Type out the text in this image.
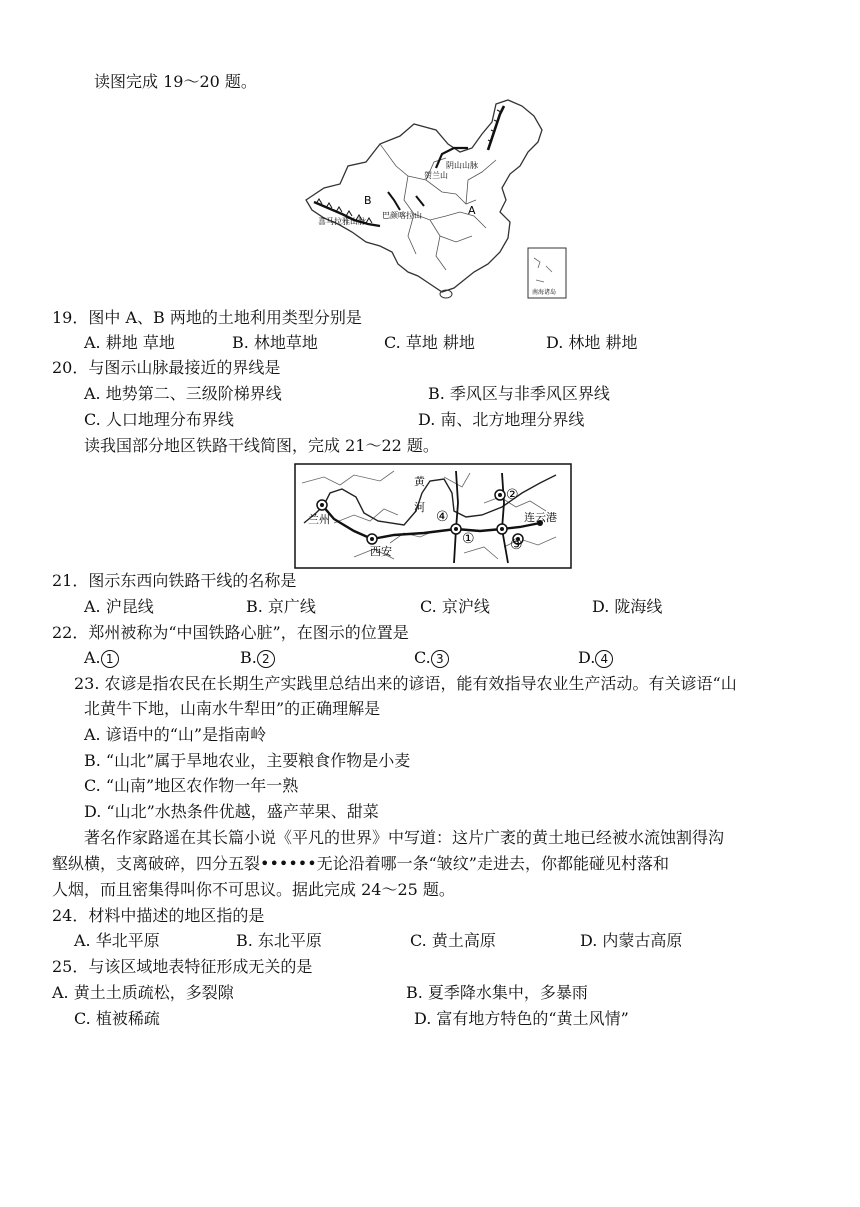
读图完成 19～20 题。
A
B
阴山山脉
贺兰山
巴颜喀拉山
喜马拉雅山脉
南海诸岛
19．图中 A、B 两地的土地利用类型分别是
A. 耕地 草地	B. 林地草地	C. 草地 耕地	D. 林地 耕地
20．与图示山脉最接近的界线是
A. 地势第二、三级阶梯界线	B. 季风区与非季风区界线
C. 人口地理分布界线	D. 南、北方地理分界线
读我国部分地区铁路干线简图，完成 21～22 题。
兰州
西安
连云港
黄
河
①
②
③
④
21．图示东西向铁路干线的名称是
A. 沪昆线	B. 京广线	C. 京沪线	D. 陇海线
22．郑州被称为“中国铁路心脏”，在图示的位置是
A. 1	B. 2	C. 3	D. 4
23. 农谚是指农民在长期生产实践里总结出来的谚语，能有效指导农业生产活动。有关谚语“山
北黄牛下地，山南水牛犁田”的正确理解是
A. 谚语中的“山”是指南岭
B. “山北”属于旱地农业，主要粮食作物是小麦
C. “山南”地区农作物一年一熟
D. “山北”水热条件优越，盛产苹果、甜菜
著名作家路遥在其长篇小说《平凡的世界》中写道：这片广袤的黄土地已经被水流蚀割得沟
壑纵横，支离破碎，四分五裂••••••无论沿着哪一条“皱纹”走进去，你都能碰见村落和
人烟，而且密集得叫你不可思议。据此完成 24～25 题。
24．材料中描述的地区指的是
A. 华北平原	B. 东北平原	C. 黄土高原	D. 内蒙古高原
25．与该区域地表特征形成无关的是
A. 黄土土质疏松，多裂隙	B. 夏季降水集中，多暴雨
C. 植被稀疏	D. 富有地方特色的“黄土风情”
